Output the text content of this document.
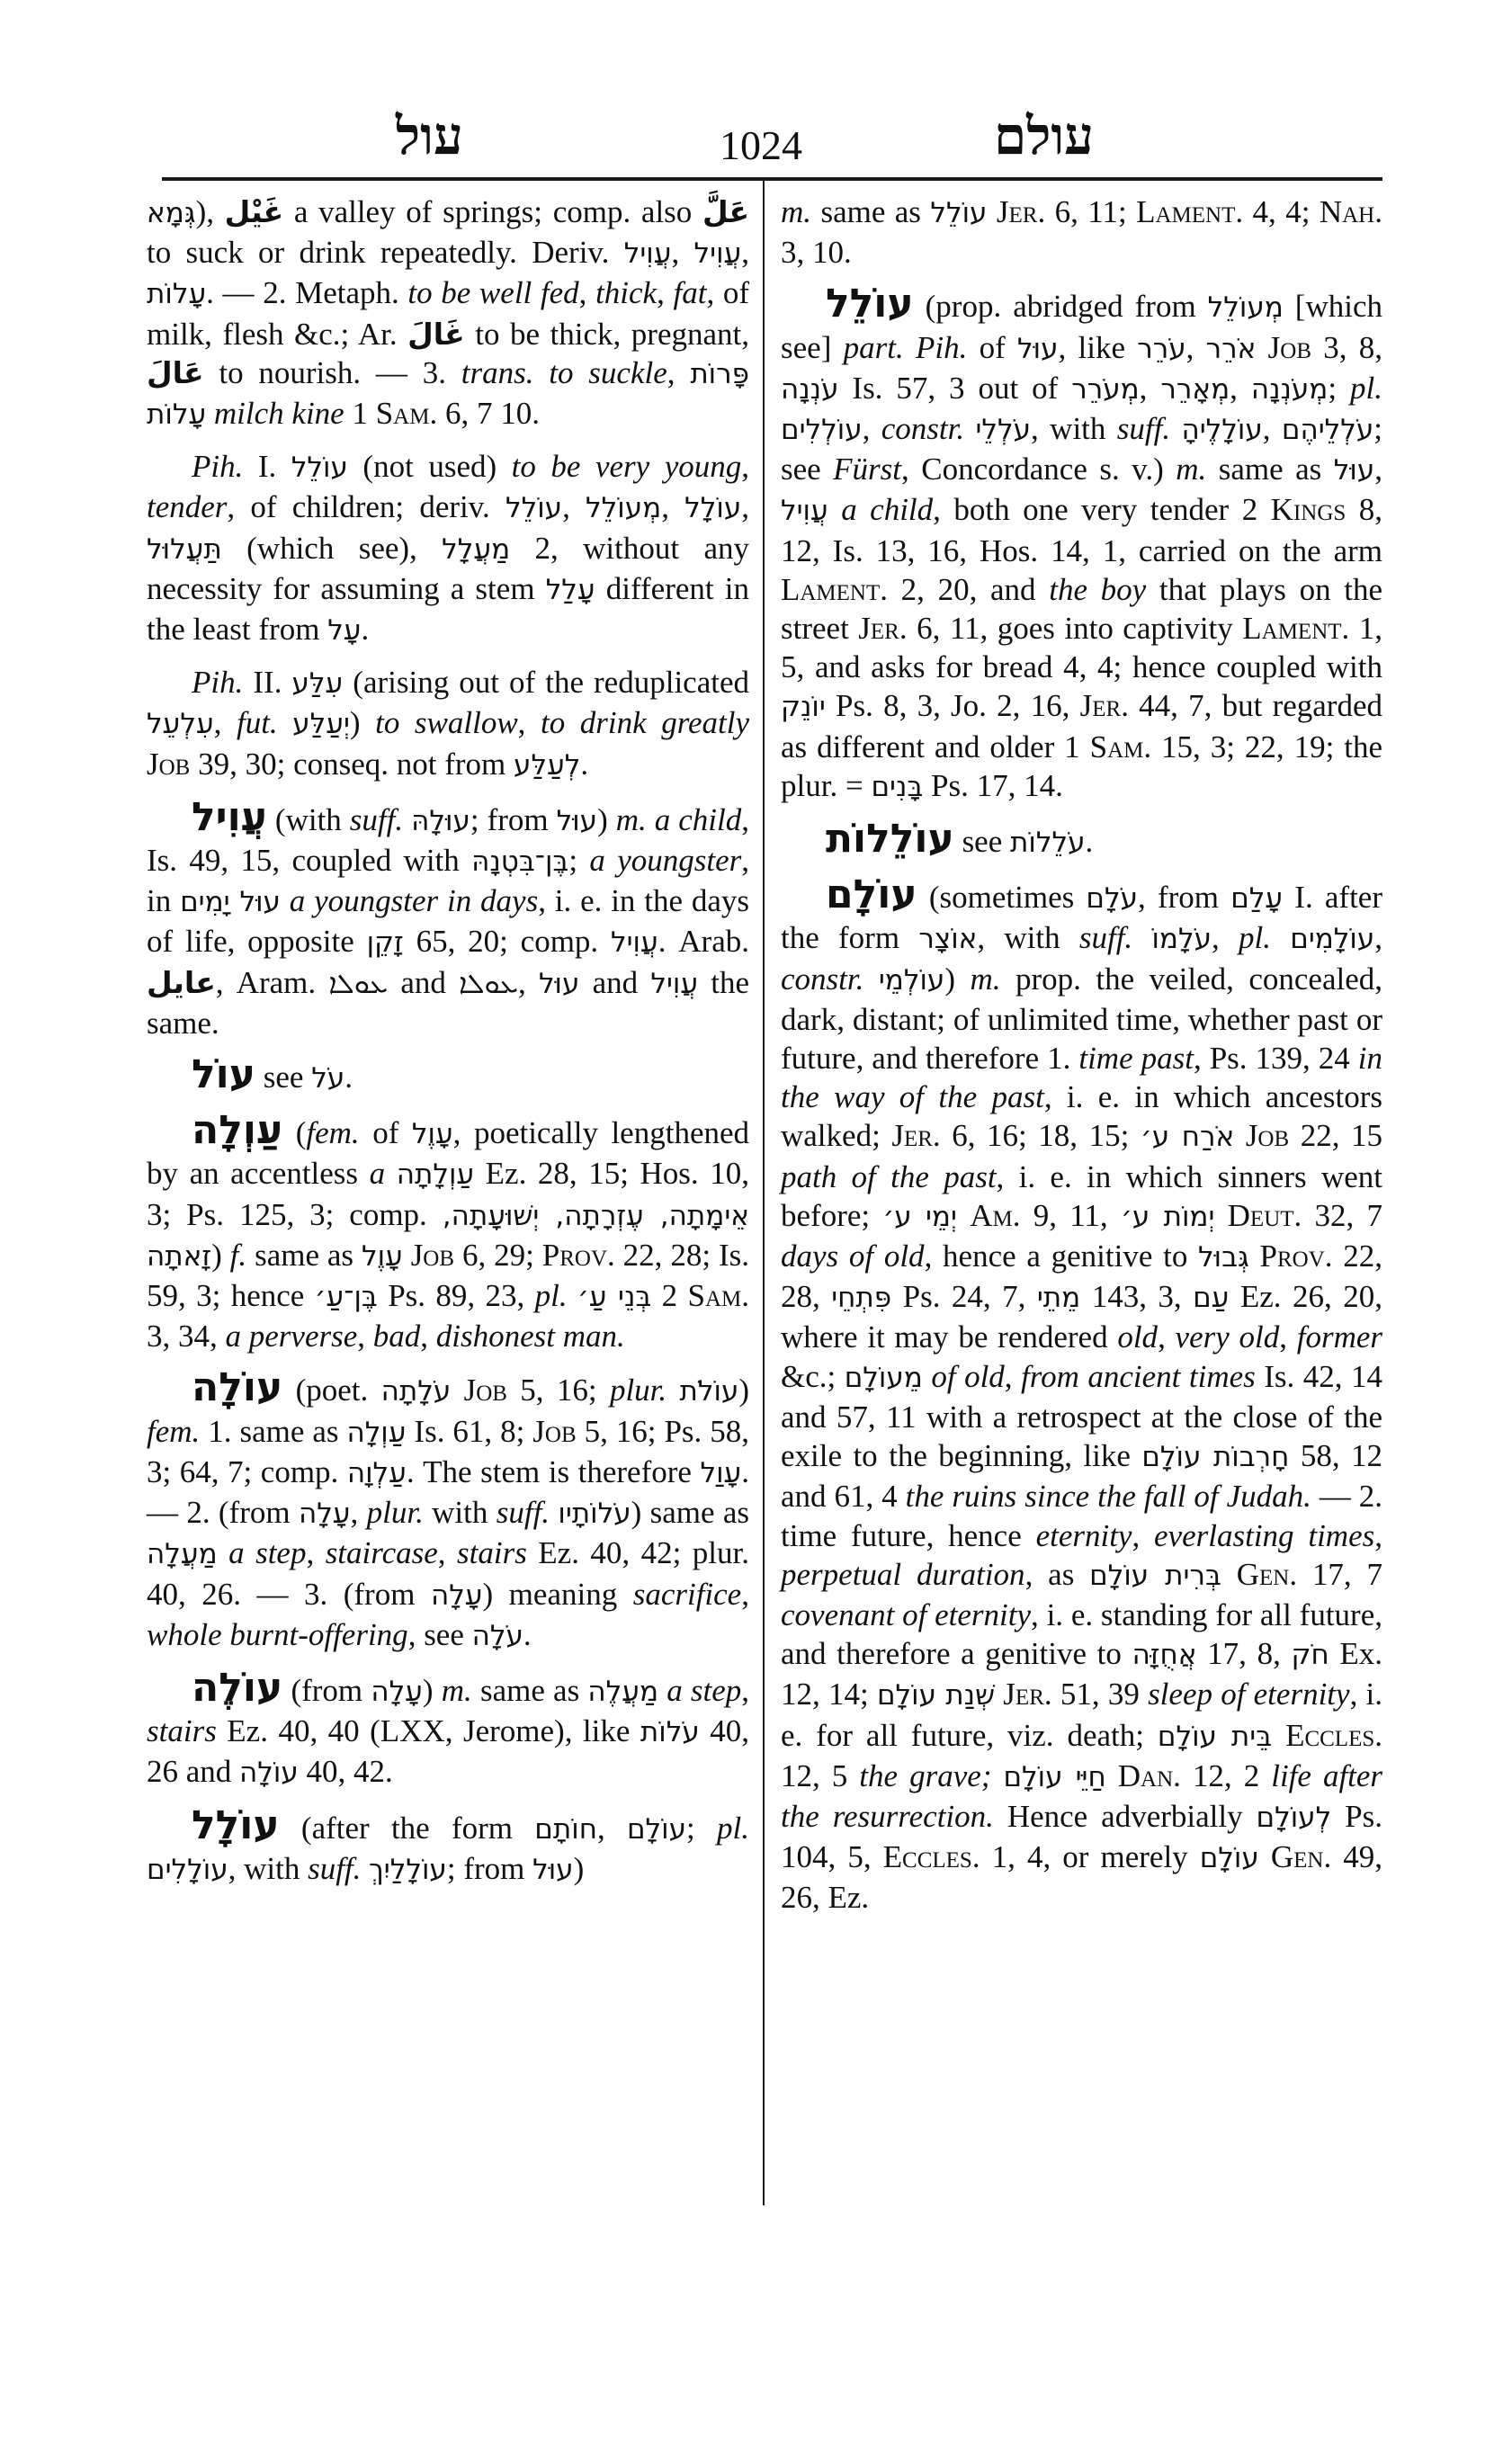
עול	1024	עולם

גְּמָא), غَيْل a valley of springs; comp. also عَلَّ to suck or drink repeatedly. Deriv. עֲוִיל, עֲוִיל, עָלוֹת. — 2. Metaph. to be well fed, thick, fat, of milk, flesh &c.; Ar. غَالَ to be thick, pregnant, عَالَ to nourish. — 3. trans. to suckle, פָּרוֹת עָלוֹת milch kine 1 Sam. 6, 7 10.

Pih. I. עוֹלֵל (not used) to be very young, tender, of children; deriv. עוֹלֵל, מְעוֹלֵל, עוֹלָל, תַּעֲלוּל (which see), מַעֲלָל 2, without any necessity for assuming a stem עָלַל different in the least from עָל.

Pih. II. עִלַּע (arising out of the reduplicated עִלְעֵל, fut. יְעַלַּע) to swallow, to drink greatly Job 39, 30; conseq. not from לְעַלַּע.

עֲוִיל (with suff. עוּלָהּ; from עוּל) m. a child, Is. 49, 15, coupled with בֶּן־בִּטְנָהּ; a youngster, in עוּל יָמִים a youngster in days, i. e. in the days of life, opposite זָקֵן 65, 20; comp. עֲוִיל. Arab. عايل, Aram. ܥܘܠܐ and ܥܘܠܐ, עוּל and עֲוִיל the same.

עוֹל see עֹל.

עַוְלָה (fem. of עָוֶל, poetically lengthened by an accentless a עַוְלָתָה Ez. 28, 15; Hos. 10, 3; Ps. 125, 3; comp. אֵימָתָה, עֶזְרָתָה, יְשׁוּעָתָה, זָאתָה) f. same as עָוֶל Job 6, 29; Prov. 22, 28; Is. 59, 3; hence בֶּן־עַ׳ Ps. 89, 23, pl. בְּנֵי עַ׳ 2 Sam. 3, 34, a perverse, bad, dishonest man.

עוֹלָה (poet. עֹלָתָה Job 5, 16; plur. עוֹלֹת) fem. 1. same as עַוְלָה Is. 61, 8; Job 5, 16; Ps. 58, 3; 64, 7; comp. עַלְוָה. The stem is therefore עָוַל. — 2. (from עָלָה, plur. with suff. עֹלוֹתָיו) same as מַעֲלָה a step, staircase, stairs Ez. 40, 42; plur. 40, 26. — 3. (from עָלָה) meaning sacrifice, whole burnt-offering, see עֹלָה.

עוֹלֶה (from עָלָה) m. same as מַעֲלֶה a step, stairs Ez. 40, 40 (LXX, Jerome), like עֹלוֹת 40, 26 and עוֹלָה 40, 42.

עוֹלָל (after the form חוֹתָם, עוֹלָם; pl. עוֹלָלִים, with suff. עוֹלָלַיִךְ; from עוּל)

m. same as עוֹלֵל Jer. 6, 11; Lament. 4, 4; Nah. 3, 10.

עוֹלֵל (prop. abridged from מְעוֹלֵל [which see] part. Pih. of עוּל, like עֹרֵר, אֹרֵר Job 3, 8, עֹנְנָה Is. 57, 3 out of מְעֹרֵר, מְאָרֵר, מְעֹנְנָה; pl. עוֹלְלִים, constr. עֹלְלֵי, with suff. עוֹלָלֶיהָ, עֹלְלֵיהֶם; see Fürst, Concordance s. v.) m. same as עוּל, עֲוִיל a child, both one very tender 2 Kings 8, 12, Is. 13, 16, Hos. 14, 1, carried on the arm Lament. 2, 20, and the boy that plays on the street Jer. 6, 11, goes into captivity Lament. 1, 5, and asks for bread 4, 4; hence coupled with יוֹנֵק Ps. 8, 3, Jo. 2, 16, Jer. 44, 7, but regarded as different and older 1 Sam. 15, 3; 22, 19; the plur. = בָּנִים Ps. 17, 14.

עוֹלֵלוֹת see עֹלֵלוֹת.

עוֹלָם (sometimes עֹלָם, from עָלַם I. after the form אוֹצָר, with suff. עֹלָמוֹ, pl. עוֹלָמִים, constr. עוֹלְמֵי) m. prop. the veiled, concealed, dark, distant; of unlimited time, whether past or future, and therefore 1. time past, Ps. 139, 24 in the way of the past, i. e. in which ancestors walked; Jer. 6, 16; 18, 15; אֹרַח ע׳ Job 22, 15 path of the past, i. e. in which sinners went before; יְמֵי ע׳ Am. 9, 11, יְמוֹת ע׳ Deut. 32, 7 days of old, hence a genitive to גְּבוּל Prov. 22, 28, פִּתְחֵי Ps. 24, 7, מֵתֵי 143, 3, עַם Ez. 26, 20, where it may be rendered old, very old, former &c.; מֵעוֹלָם of old, from ancient times Is. 42, 14 and 57, 11 with a retrospect at the close of the exile to the beginning, like חָרְבוֹת עוֹלָם 58, 12 and 61, 4 the ruins since the fall of Judah. — 2. time future, hence eternity, everlasting times, perpetual duration, as בְּרִית עוֹלָם Gen. 17, 7 covenant of eternity, i. e. standing for all future, and therefore a genitive to אֲחֻזָּה 17, 8, חֹק Ex. 12, 14; שְׁנַת עוֹלָם Jer. 51, 39 sleep of eternity, i. e. for all future, viz. death; בֵּית עוֹלָם Eccles. 12, 5 the grave; חַיֵּי עוֹלָם Dan. 12, 2 life after the resurrection. Hence adverbially לְעוֹלָם Ps. 104, 5, Eccles. 1, 4, or merely עוֹלָם Gen. 49, 26, Ez.
